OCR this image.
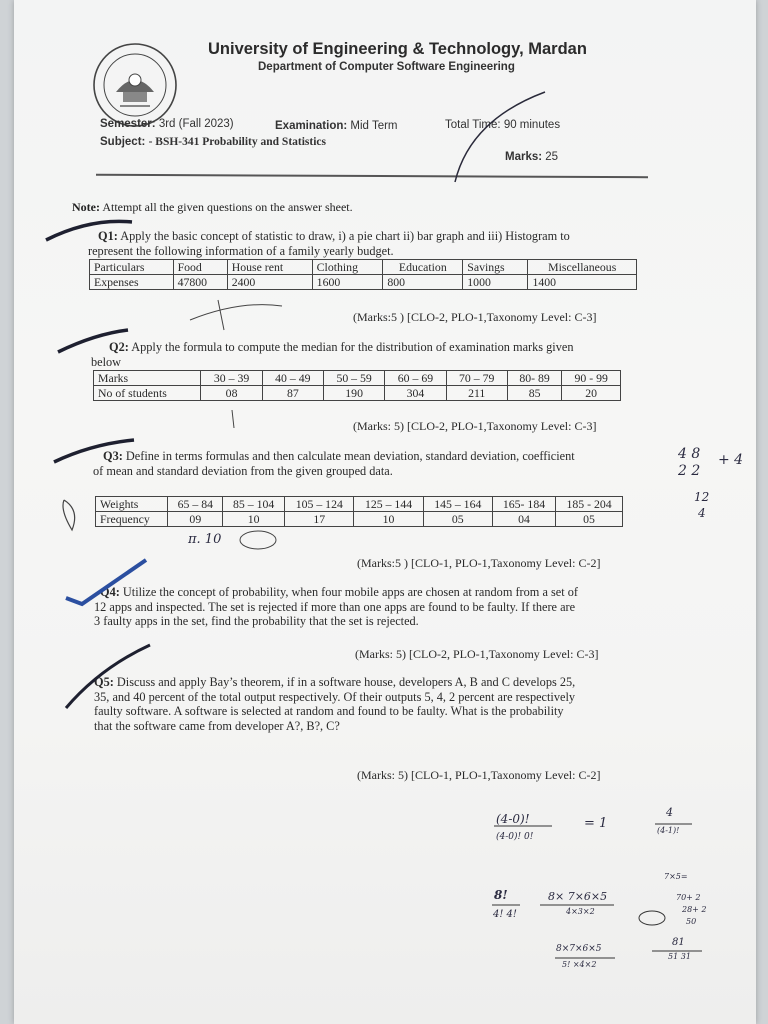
University of Engineering & Technology, Mardan
Department of Computer Software Engineering
Semester: 3rd (Fall 2023)	Examination: Mid Term	Total Time: 90 minutes
Subject: - BSH-341 Probability and Statistics
Marks: 25
Note: Attempt all the given questions on the answer sheet.
Q1: Apply the basic concept of statistic to draw, i) a pie chart ii) bar graph and iii) Histogram to
represent the following information of a family yearly budget.
Particulars	Food	House rent	Clothing	Education	Savings	Miscellaneous
Expenses	47800	2400	1600	800	1000	1400
(Marks:5 ) [CLO-2, PLO-1,Taxonomy Level: C-3]
Q2: Apply the formula to compute the median for the distribution of examination marks given
below
Marks	30 – 39	40 – 49	50 – 59	60 – 69	70 – 79	80- 89	90 - 99
No of students	08	87	190	304	211	85	20
(Marks: 5) [CLO-2, PLO-1,Taxonomy Level: C-3]
Q3: Define in terms formulas and then calculate mean deviation, standard deviation, coefficient
of mean and standard deviation from the given grouped data.
Weights	65 – 84	85 – 104	105 – 124	125 – 144	145 – 164	165- 184	185 - 204
Frequency	09	10	17	10	05	04	05
(Marks:5 ) [CLO-1, PLO-1,Taxonomy Level: C-2]
Q4: Utilize the concept of probability, when four mobile apps are chosen at random from a set of
12 apps and inspected. The set is rejected if more than one apps are found to be faulty. If there are
3 faulty apps in the set, find the probability that the set is rejected.
(Marks: 5) [CLO-2, PLO-1,Taxonomy Level: C-3]
Q5: Discuss and apply Bay’s theorem, if in a software house, developers A, B and C develops 25,
35, and 40 percent of the total output respectively. Of their outputs 5, 4, 2 percent are respectively
faulty software. A software is selected at random and found to be faulty. What is the probability
that the software came from developer A?, B?, C?
(Marks: 5) [CLO-1, PLO-1,Taxonomy Level: C-2]
(4-0)!
(4-0)! 0!
= 1
4
(4-1)!
8!
4! 4!
8× 7×6×5
4×3×2
8×7×6×5
5! ×4×2
81
51 31
7×5=
70+ 2
28+ 2
50
4 8
2 2
+ 4
12
4
π. 10
